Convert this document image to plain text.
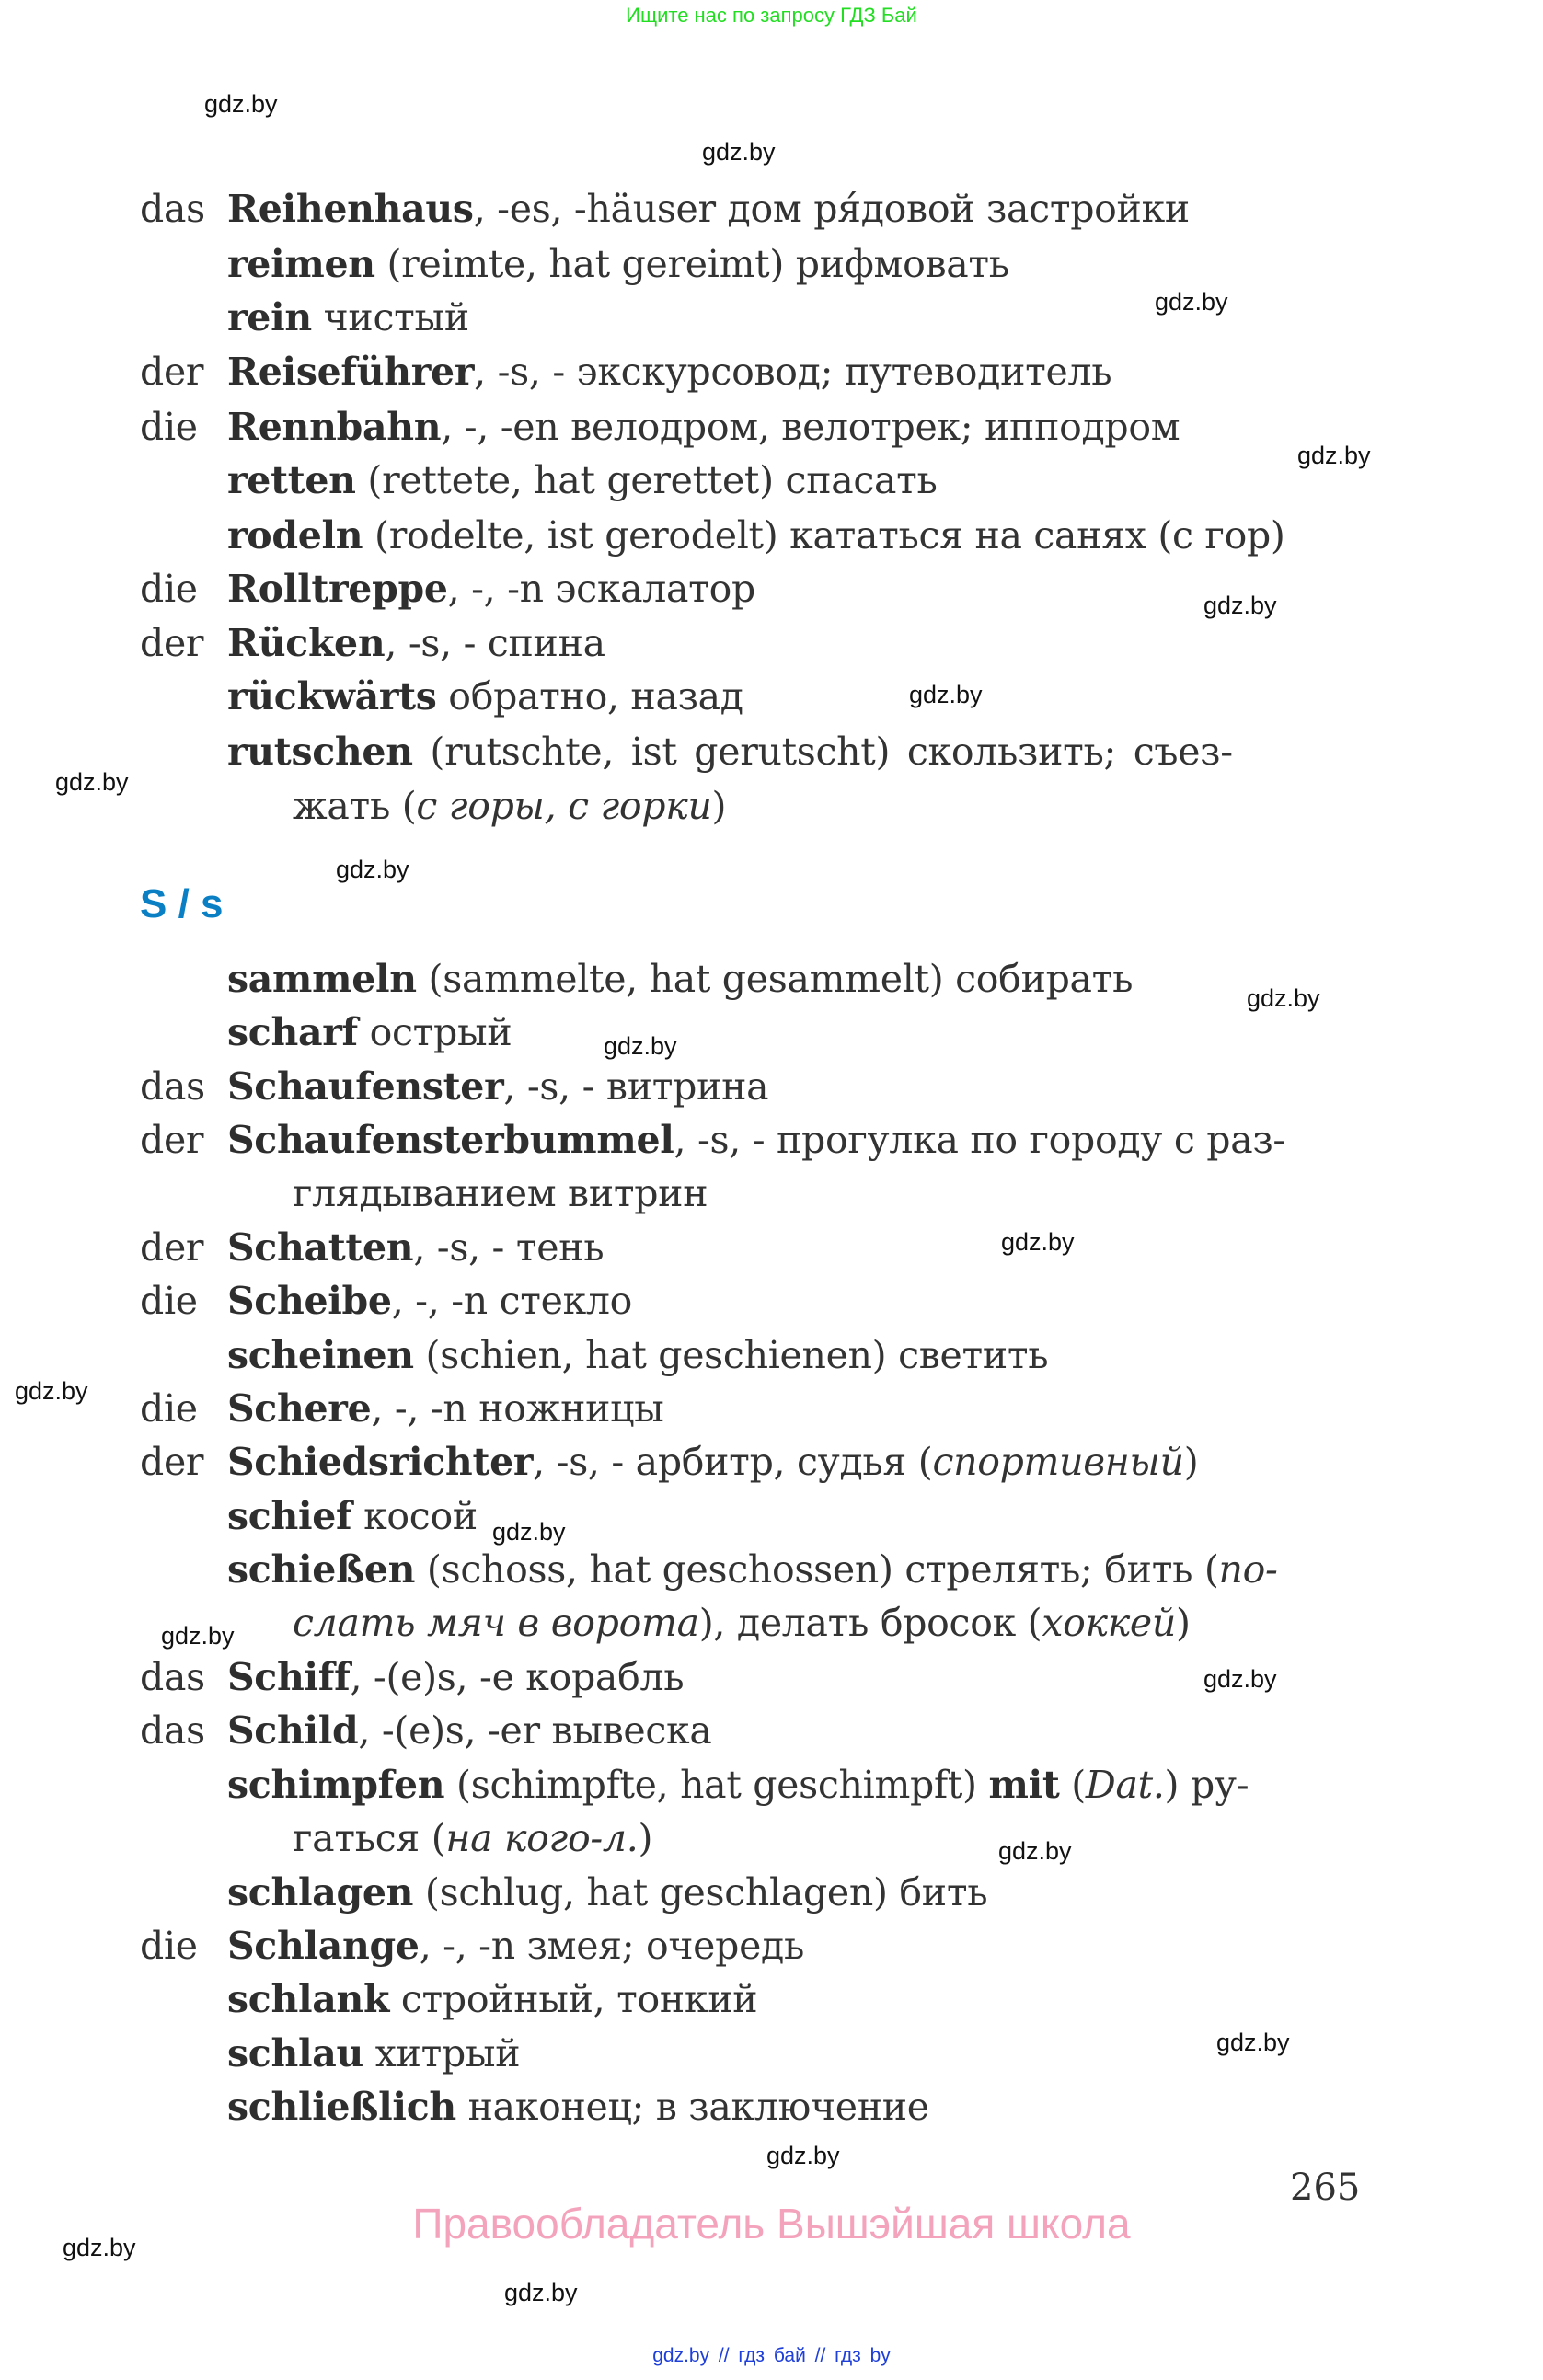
Ищите нас по запросу ГДЗ Бай
das Reihenhaus, -es, -häuser дом ря́довой застройки
reimen (reimte, hat gereimt) рифмовать
rein чистый
der Reiseführer, -s, - экскурсовод; путеводитель
die Rennbahn, -, -en велодром, велотрек; ипподром
retten (rettete, hat gerettet) спасать
rodeln (rodelte, ist gerodelt) кататься на санях (с гор)
die Rolltreppe, -, -n эскалатор
der Rücken, -s, - спина
rückwärts обратно, назад
rutschen (rutschte, ist gerutscht) скользить; съез-
жать (с горы, с горки)
S / s
sammeln (sammelte, hat gesammelt) собирать
scharf острый
das Schaufenster, -s, - витрина
der Schaufensterbummel, -s, - прогулка по городу с раз-
глядыванием витрин
der Schatten, -s, - тень
die Scheibe, -, -n стекло
scheinen (schien, hat geschienen) светить
die Schere, -, -n ножницы
der Schiedsrichter, -s, - арбитр, судья (спортивный)
schief косой
schießen (schoss, hat geschossen) стрелять; бить (по-
слать мяч в ворота), делать бросок (хоккей)
das Schiff, -(e)s, -e корабль
das Schild, -(e)s, -er вывеска
schimpfen (schimpfte, hat geschimpft) mit (Dat.) ру-
гаться (на кого-л.)
schlagen (schlug, hat geschlagen) бить
die Schlange, -, -n змея; очередь
schlank стройный, тонкий
schlau хитрый
schließlich наконец; в заключение
gdz.by
gdz.by
gdz.by
gdz.by
gdz.by
gdz.by
gdz.by
gdz.by
gdz.by
gdz.by
gdz.by
gdz.by
gdz.by
gdz.by
gdz.by
gdz.by
gdz.by
gdz.by
gdz.by
gdz.by
265
Правообладатель Вышэйшая школа
gdz.by // гдз бай // гдз by
